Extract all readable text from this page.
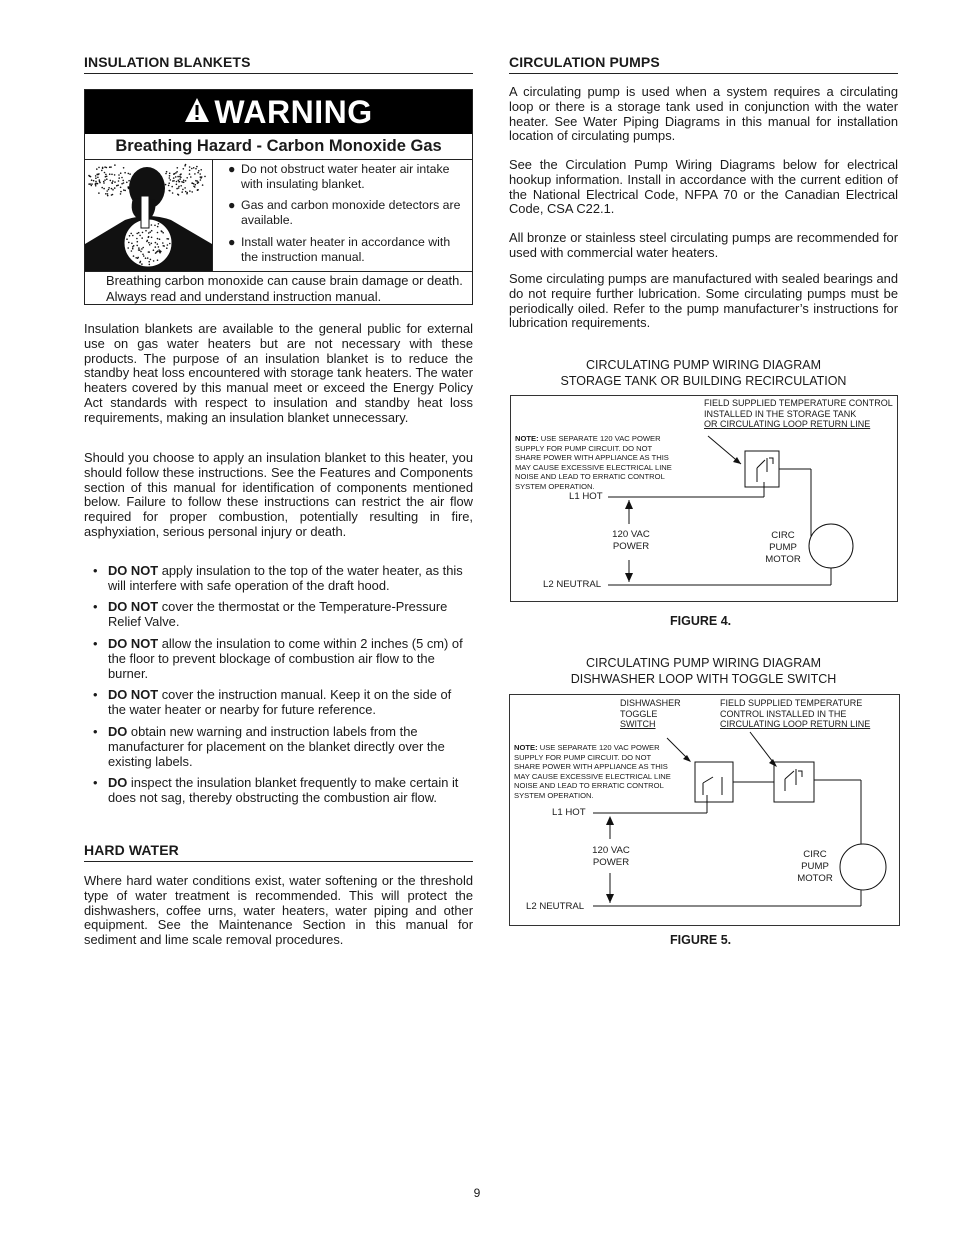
INSULATION BLANKETS
WARNING
Breathing Hazard - Carbon Monoxide Gas
● Do not obstruct water heater air intake with insulating blanket.
● Gas and carbon monoxide detectors are available.
● Install water heater in accordance with the instruction manual.
Breathing carbon monoxide can cause brain damage or death. Always read and understand instruction manual.

Insulation blankets are available to the general public for external use on gas water heaters but are not necessary with these products. The purpose of an insulation blanket is to reduce the standby heat loss encountered with storage tank heaters. The water heaters covered by this manual meet or exceed the Energy Policy Act standards with respect to insulation and standby heat loss requirements, making an insulation blanket unnecessary.

Should you choose to apply an insulation blanket to this heater, you should follow these instructions. See the Features and Components section of this manual for identification of components mentioned below. Failure to follow these instructions can restrict the air flow required for proper combustion, potentially resulting in fire, asphyxiation, serious personal injury or death.

• DO NOT apply insulation to the top of the water heater, as this will interfere with safe operation of the draft hood.
• DO NOT cover the thermostat or the Temperature-Pressure Relief Valve.
• DO NOT allow the insulation to come within 2 inches (5 cm) of the floor to prevent blockage of combustion air flow to the burner.
• DO NOT cover the instruction manual. Keep it on the side of the water heater or nearby for future reference.
• DO obtain new warning and instruction labels from the manufacturer for placement on the blanket directly over the existing labels.
• DO inspect the insulation blanket frequently to make certain it does not sag, thereby obstructing the combustion air flow.
HARD WATER

Where hard water conditions exist, water softening or the threshold type of water treatment is recommended. This will protect the dishwashers, coffee urns, water heaters, water piping and other equipment. See the Maintenance Section in this manual for sediment and lime scale removal procedures.

CIRCULATION PUMPS

A circulating pump is used when a system requires a circulating loop or there is a storage tank used in conjunction with the water heater. See Water Piping Diagrams in this manual for installation location of circulating pumps.

See the Circulation Pump Wiring Diagrams below for electrical hookup information. Install in accordance with the current edition of the National Electrical Code, NFPA 70 or the Canadian Electrical Code, CSA C22.1.

All bronze or stainless steel circulating pumps are recommended for used with commercial water heaters.

Some circulating pumps are manufactured with sealed bearings and do not require further lubrication. Some circulating pumps must be periodically oiled. Refer to the pump manufacturer’s instructions for lubrication requirements.

CIRCULATING PUMP WIRING DIAGRAM
STORAGE TANK OR BUILDING RECIRCULATION
FIELD SUPPLIED TEMPERATURE CONTROL
INSTALLED IN THE STORAGE TANK
OR CIRCULATING LOOP RETURN LINE
NOTE: USE SEPARATE 120 VAC POWER SUPPLY FOR PUMP CIRCUIT. DO NOT SHARE POWER WITH APPLIANCE AS THIS MAY CAUSE EXCESSIVE ELECTRICAL LINE NOISE AND LEAD TO ERRATIC CONTROL SYSTEM OPERATION.
L1 HOT
120 VAC
POWER
CIRC
PUMP
MOTOR
L2 NEUTRAL
FIGURE 4.
CIRCULATING PUMP WIRING DIAGRAM
DISHWASHER LOOP WITH TOGGLE SWITCH
DISHWASHER
TOGGLE
SWITCH
FIELD SUPPLIED TEMPERATURE
CONTROL INSTALLED IN THE
CIRCULATING LOOP RETURN LINE
NOTE: USE SEPARATE 120 VAC POWER SUPPLY FOR PUMP CIRCUIT. DO NOT SHARE POWER WITH APPLIANCE AS THIS MAY CAUSE EXCESSIVE ELECTRICAL LINE NOISE AND LEAD TO ERRATIC CONTROL SYSTEM OPERATION.
L1 HOT
120 VAC
POWER
CIRC
PUMP
MOTOR
L2 NEUTRAL
FIGURE 5.
9
